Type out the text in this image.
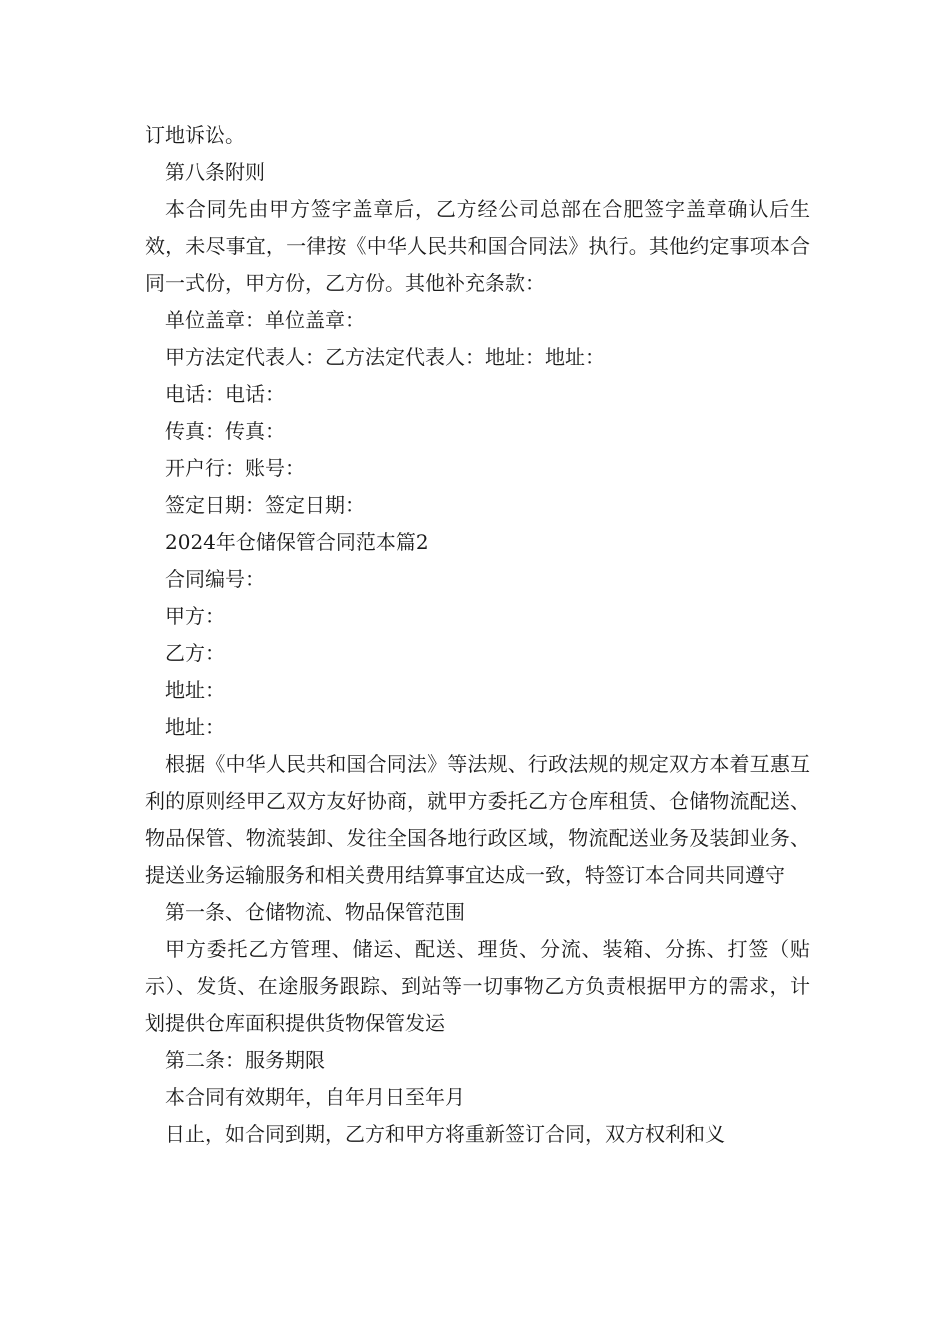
订地诉讼。

第八条附则

本合同先由甲方签字盖章后，乙方经公司总部在合肥签字盖章确认后生效，未尽事宜，一律按《中华人民共和国合同法》执行。其他约定事项本合同一式份，甲方份，乙方份。其他补充条款：

单位盖章：单位盖章：

甲方法定代表人：乙方法定代表人：地址：地址：

电话：电话：

传真：传真：

开户行：账号：

签定日期：签定日期：

2024年仓储保管合同范本篇2

合同编号：

甲方：

乙方：

地址：

地址：

根据《中华人民共和国合同法》等法规、行政法规的规定双方本着互惠互利的原则经甲乙双方友好协商，就甲方委托乙方仓库租赁、仓储物流配送、物品保管、物流装卸、发往全国各地行政区域，物流配送业务及装卸业务、提送业务运输服务和相关费用结算事宜达成一致，特签订本合同共同遵守

第一条、仓储物流、物品保管范围

甲方委托乙方管理、储运、配送、理货、分流、装箱、分拣、打签（贴示）、发货、在途服务跟踪、到站等一切事物乙方负责根据甲方的需求，计划提供仓库面积提供货物保管发运

第二条：服务期限

本合同有效期年，自年月日至年月

日止，如合同到期，乙方和甲方将重新签订合同，双方权利和义
